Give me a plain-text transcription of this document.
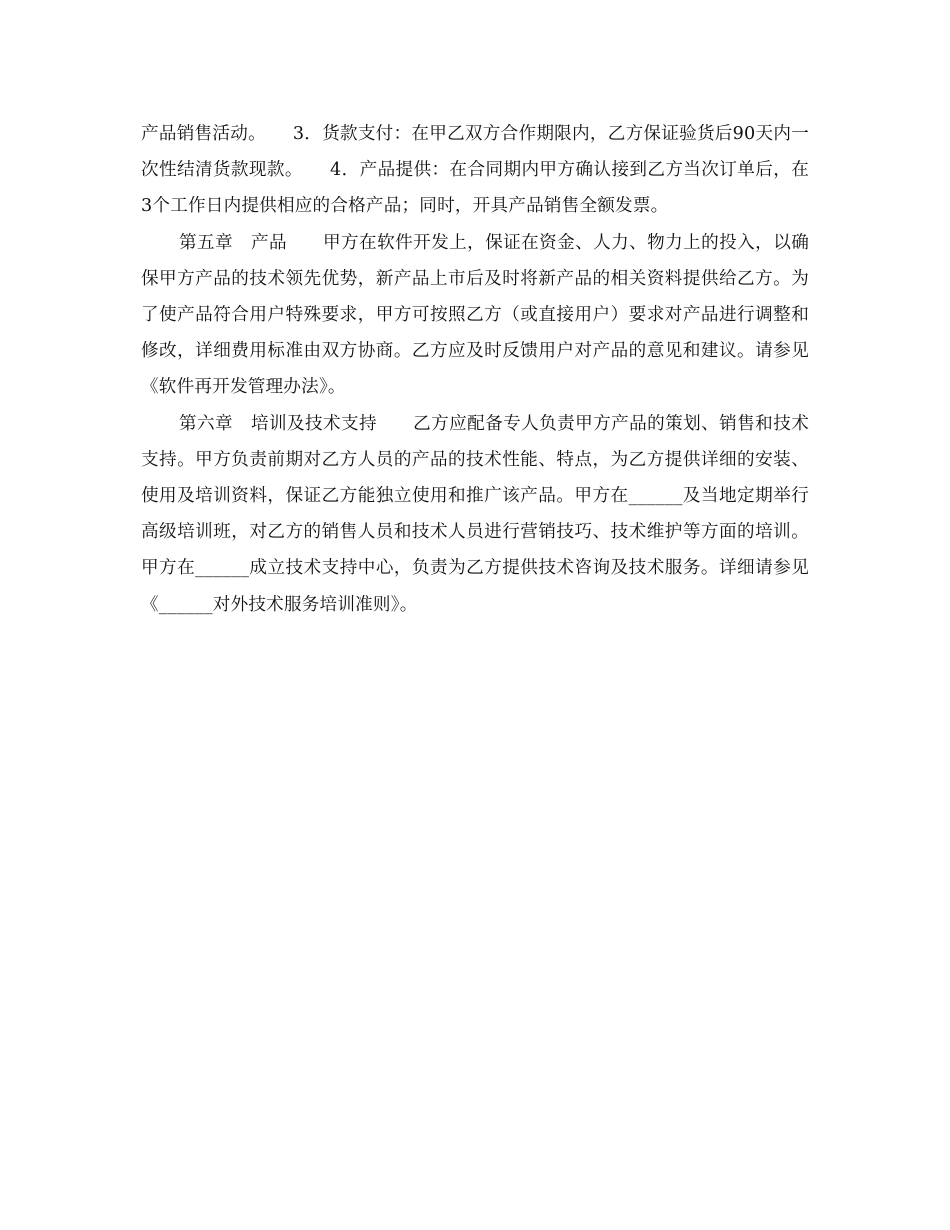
产品销售活动。　　3．货款支付：在甲乙双方合作期限内，乙方保证验货后90天内一次性结清货款现款。　　4．产品提供：在合同期内甲方确认接到乙方当次订单后，在3个工作日内提供相应的合格产品；同时，开具产品销售全额发票。

第五章　产品　　甲方在软件开发上，保证在资金、人力、物力上的投入，以确保甲方产品的技术领先优势，新产品上市后及时将新产品的相关资料提供给乙方。为了使产品符合用户特殊要求，甲方可按照乙方（或直接用户）要求对产品进行调整和修改，详细费用标准由双方协商。乙方应及时反馈用户对产品的意见和建议。请参见《软件再开发管理办法》。

第六章　培训及技术支持　　乙方应配备专人负责甲方产品的策划、销售和技术支持。甲方负责前期对乙方人员的产品的技术性能、特点，为乙方提供详细的安装、使用及培训资料，保证乙方能独立使用和推广该产品。甲方在______及当地定期举行高级培训班，对乙方的销售人员和技术人员进行营销技巧、技术维护等方面的培训。甲方在______成立技术支持中心，负责为乙方提供技术咨询及技术服务。详细请参见《______对外技术服务培训准则》。
